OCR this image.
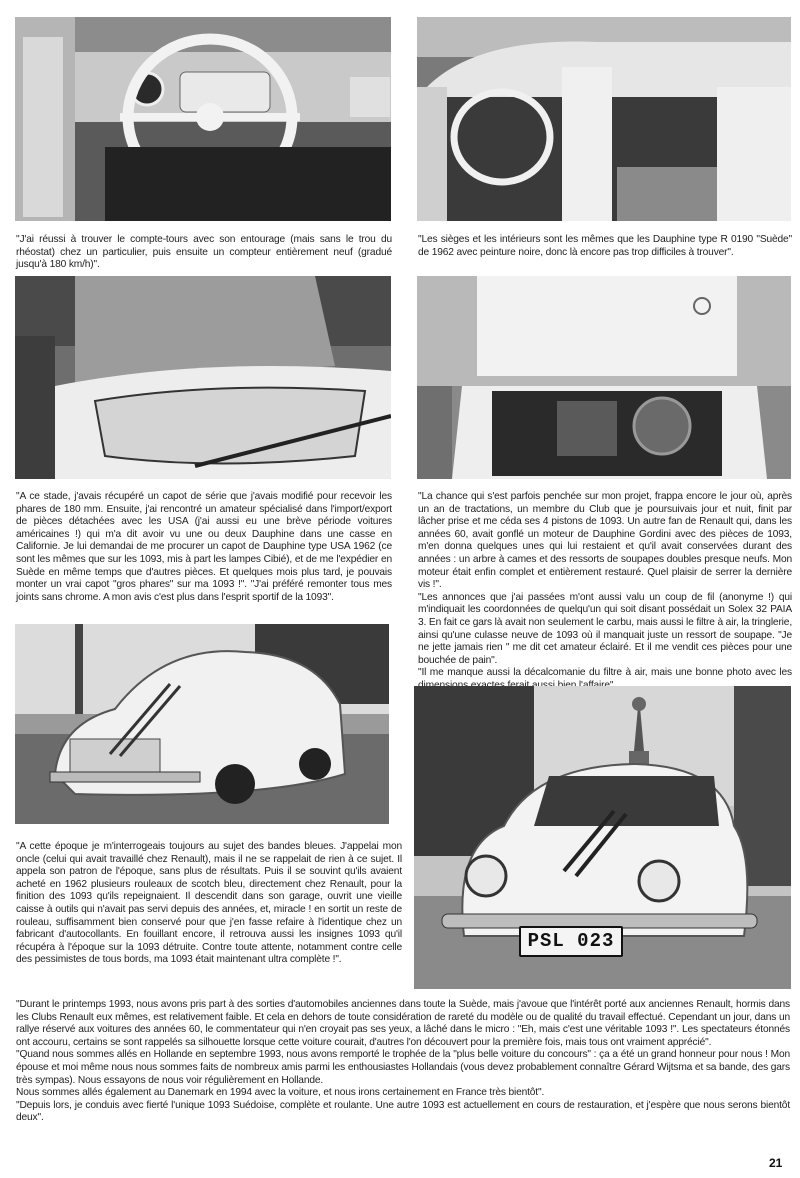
"J'ai réussi à trouver le compte-tours avec son entourage (mais sans le trou du rhéostat) chez un particulier, puis ensuite un compteur entièrement neuf (gradué jusqu'à 180 km/h)".

"Les sièges et les intérieurs sont les mêmes que les Dauphine type R 0190 "Suède" de 1962 avec peinture noire, donc là encore pas trop difficiles à trouver".

"A ce stade, j'avais récupéré un capot de série que j'avais modifié pour recevoir les phares de 180 mm. Ensuite, j'ai rencontré un amateur spécialisé dans l'import/export de pièces détachées avec les USA (j'ai aussi eu une brève période voitures américaines !) qui m'a dit avoir vu une ou deux Dauphine dans une casse en Californie. Je lui demandai de me procurer un capot de Dauphine type USA 1962 (ce sont les mêmes que sur les 1093, mis à part les lampes Cibié), et de me l'expédier en Suède en même temps que d'autres pièces. Et quelques mois plus tard, je pouvais monter un vrai capot "gros phares" sur ma 1093 !". "J'ai préféré remonter tous mes joints sans chrome. A mon avis c'est plus dans l'esprit sportif de la 1093".

"La chance qui s'est parfois penchée sur mon projet, frappa encore le jour où, après un an de tractations, un membre du Club que je poursuivais jour et nuit, finit par lâcher prise et me céda ses 4 pistons de 1093. Un autre fan de Renault qui, dans les années 60, avait gonflé un moteur de Dauphine Gordini avec des pièces de 1093, m'en donna quelques unes qui lui restaient et qu'il avait conservées durant des années : un arbre à cames et des ressorts de soupapes doubles presque neufs. Mon moteur était enfin complet et entièrement restauré. Quel plaisir de serrer la dernière vis !".

"Les annonces que j'ai passées m'ont aussi valu un coup de fil (anonyme !) qui m'indiquait les coordonnées de quelqu'un qui soit disant possédait un Solex 32 PAIA 3. En fait ce gars là avait non seulement le carbu, mais aussi le filtre à air, la tringlerie, ainsi qu'une culasse neuve de 1093 où il manquait juste un ressort de soupape. "Je ne jette jamais rien " me dit cet amateur éclairé. Et il me vendit ces pièces pour une bouchée de pain".

"Il me manque aussi la décalcomanie du filtre à air, mais une bonne photo avec les

PSL 023

"A cette époque je m'interrogeais toujours au sujet des bandes bleues. J'appelai mon oncle (celui qui avait travaillé chez Renault), mais il ne se rappelait de rien à ce sujet. Il appela son patron de l'époque, sans plus de résultats. Puis il se souvint qu'ils avaient acheté en 1962 plusieurs rouleaux de scotch bleu, directement chez Renault, pour la finition des 1093 qu'ils repeignaient. Il descendit dans son garage, ouvrit une vieille caisse à outils qui n'avait pas servi depuis des années, et, miracle ! en sortit un reste de rouleau, suffisamment bien conservé pour que j'en fasse refaire à l'identique chez un fabricant d'autocollants. En fouillant encore, il retrouva aussi les insignes 1093 qu'il récupéra à l'époque sur la 1093 détruite. Contre toute attente, notamment contre celle des pessimistes de tous bords, ma 1093 était maintenant ultra complète !".

"Durant le printemps 1993, nous avons pris part à des sorties d'automobiles anciennes dans toute la Suède, mais j'avoue que l'intérêt porté aux anciennes Renault, hormis dans les Clubs Renault eux mêmes, est relativement faible. Et cela en dehors de toute considération de rareté du modèle ou de qualité du travail effectué. Cependant un jour, dans un rallye réservé aux voitures des années 60, le commentateur qui n'en croyait pas ses yeux, a lâché dans le micro : "Eh, mais c'est une véritable 1093 !". Les spectateurs étonnés ont accouru, certains se sont rappelés sa silhouette lorsque cette voiture courait, d'autres l'on découvert pour la première fois, mais tous ont vraiment apprécié".

"Quand nous sommes allés en Hollande en septembre 1993, nous avons remporté le trophée de la "plus belle voiture du concours" : ça a été un grand honneur pour nous ! Mon épouse et moi même nous nous sommes faits de nombreux amis parmi les enthousiastes Hollandais (vous devez probablement connaître Gérard Wijtsma et sa bande, des gars très sympas). Nous essayons de nous voir régulièrement en Hollande.

Nous sommes allés également au Danemark en 1994 avec la voiture, et nous irons certainement en France très bientôt".

"Depuis lors, je conduis avec fierté l'unique 1093 Suédoise, complète et roulante. Une autre 1093 est actuellement en cours de restauration, et j'espère que nous serons bientôt deux".

21
